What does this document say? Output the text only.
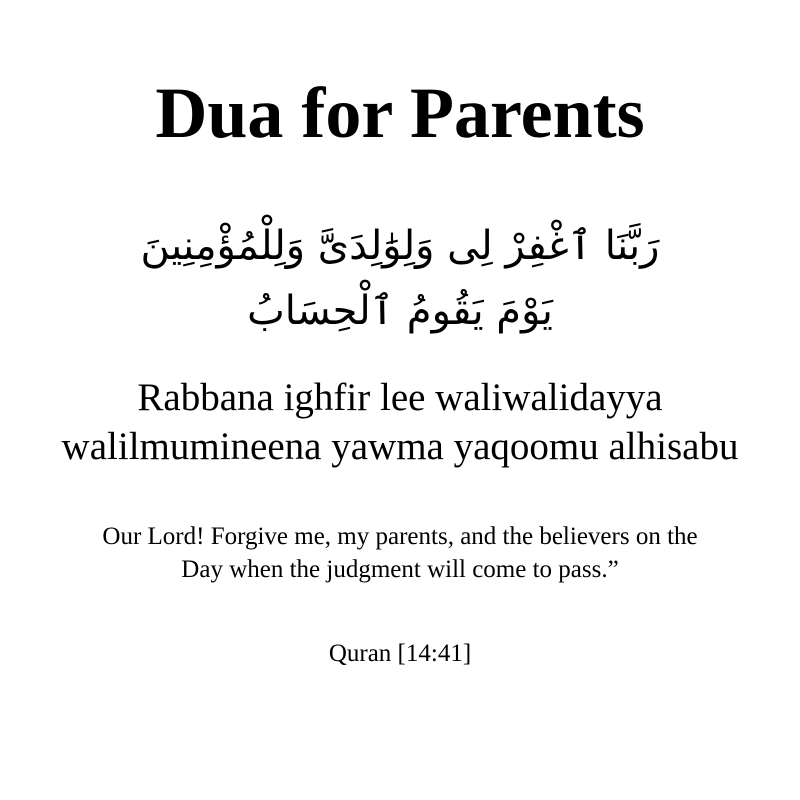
Dua for Parents
رَبَّنَا ٱغْفِرْ لِى وَلِوَٰلِدَىَّ وَلِلْمُؤْمِنِينَ
يَوْمَ يَقُومُ ٱلْحِسَابُ
Rabbana ighfir lee waliwalidayya walilmumineena yawma yaqoomu alhisabu
Our Lord! Forgive me, my parents, and the believers on the Day when the judgment will come to pass.”
Quran [14:41]
